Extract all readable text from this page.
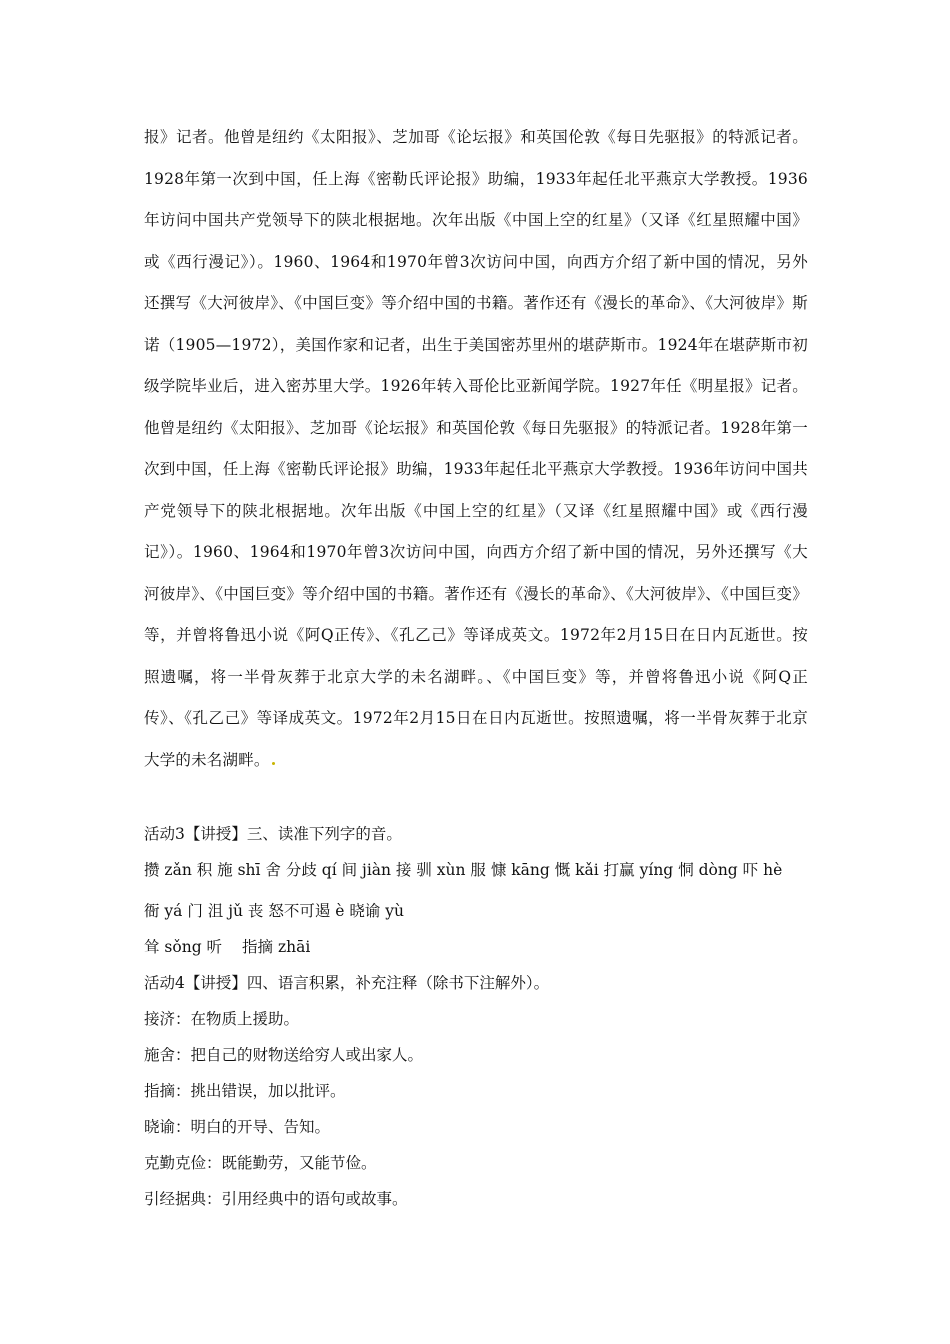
报》记者。他曾是纽约《太阳报》、芝加哥《论坛报》和英国伦敦《每日先驱报》的特派记者。1928年第一次到中国，任上海《密勒氏评论报》助编，1933年起任北平燕京大学教授。1936年访问中国共产党领导下的陕北根据地。次年出版《中国上空的红星》（又译《红星照耀中国》或《西行漫记》）。1960、1964和1970年曾3次访问中国，向西方介绍了新中国的情况，另外还撰写《大河彼岸》、《中国巨变》等介绍中国的书籍。著作还有《漫长的革命》、《大河彼岸》斯诺（1905—1972），美国作家和记者，出生于美国密苏里州的堪萨斯市。1924年在堪萨斯市初级学院毕业后，进入密苏里大学。1926年转入哥伦比亚新闻学院。1927年任《明星报》记者。他曾是纽约《太阳报》、芝加哥《论坛报》和英国伦敦《每日先驱报》的特派记者。1928年第一次到中国，任上海《密勒氏评论报》助编，1933年起任北平燕京大学教授。1936年访问中国共产党领导下的陕北根据地。次年出版《中国上空的红星》（又译《红星照耀中国》或《西行漫记》）。1960、1964和1970年曾3次访问中国，向西方介绍了新中国的情况，另外还撰写《大河彼岸》、《中国巨变》等介绍中国的书籍。著作还有《漫长的革命》、《大河彼岸》、《中国巨变》等，并曾将鲁迅小说《阿Q正传》、《孔乙己》等译成英文。1972年2月15日在日内瓦逝世。按照遗嘱，将一半骨灰葬于北京大学的未名湖畔。、《中国巨变》等，并曾将鲁迅小说《阿Q正传》、《孔乙己》等译成英文。1972年2月15日在日内瓦逝世。按照遗嘱，将一半骨灰葬于北京大学的未名湖畔。
活动3【讲授】三、读准下列字的音。
攒 zǎn 积 施 shī 舍 分歧 qí 间 jiàn 接 驯 xùn 服 慷 kāng 慨 kǎi 打赢 yíng 恫 dòng 吓 hè
衙 yá 门 沮 jǔ 丧 怒不可遏 è 晓谕 yù
耸 sǒng 听 指摘 zhāi
活动4【讲授】四、语言积累，补充注释（除书下注解外）。
接济：在物质上援助。
施舍：把自己的财物送给穷人或出家人。
指摘：挑出错误，加以批评。
晓谕：明白的开导、告知。
克勤克俭：既能勤劳，又能节俭。
引经据典：引用经典中的语句或故事。
